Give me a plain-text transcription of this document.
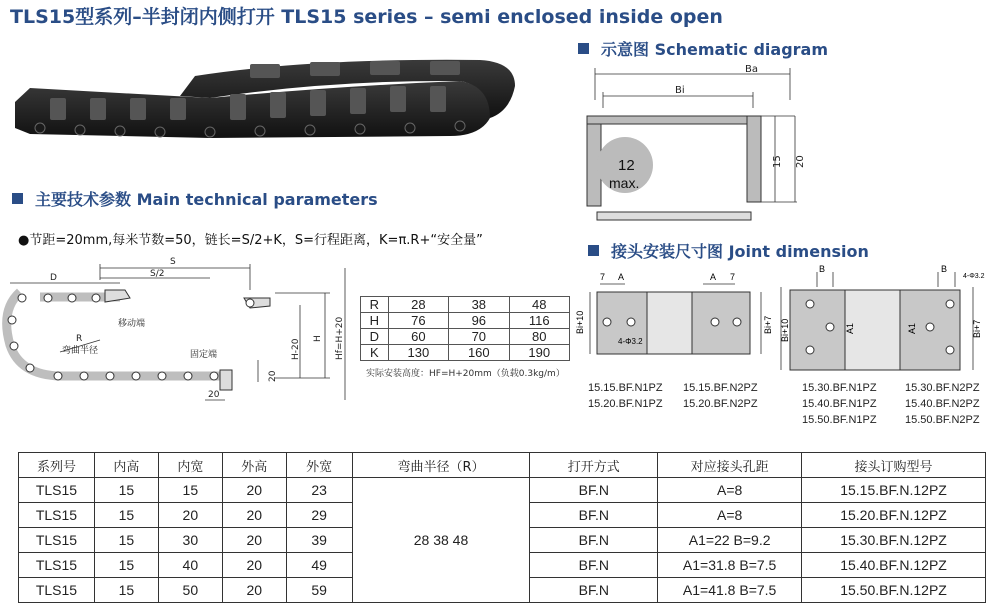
TLS15型系列–半封闭内侧打开 TLS15 series – semi enclosed inside open
主要技术参数 Main technical parameters
示意图 Schematic diagram
接头安装尺寸图 Joint dimension
●节距=20mm,每米节数=50，链长=S/2+K，S=行程距离，K=π.R+“安全量”
D
S
S/2
R
移动端
弯曲半径	固定端
20
20
H-20 H Hf=H+20
R	28	38	48
H	76	96	116
D	60	70	80
K	130	160	190
实际安装高度：HF=H+20mm（负载0.3kg/m）
Ba
Bi
15 20
12
max.
7 A	A 7
Bi+10	Bi+7
4-Φ3.2
B	B
4-Φ3.2
Bi+10	A1	A1	Bi+7
15.15.BF.N1PZ
15.20.BF.N1PZ
15.15.BF.N2PZ
15.20.BF.N2PZ
15.30.BF.N1PZ
15.40.BF.N1PZ
15.50.BF.N1PZ
15.30.BF.N2PZ
15.40.BF.N2PZ
15.50.BF.N2PZ
系列号	内高	内宽	外高	外宽	弯曲半径（R）	打开方式	对应接头孔距	接头订购型号
TLS15	15	15	20	23	28 38 48	BF.N	A=8	15.15.BF.N.12PZ
TLS15	15	20	20	29		BF.N	A=8	15.20.BF.N.12PZ
TLS15	15	30	20	39		BF.N	A1=22 B=9.2	15.30.BF.N.12PZ
TLS15	15	40	20	49		BF.N	A1=31.8 B=7.5	15.40.BF.N.12PZ
TLS15	15	50	20	59		BF.N	A1=41.8 B=7.5	15.50.BF.N.12PZ
